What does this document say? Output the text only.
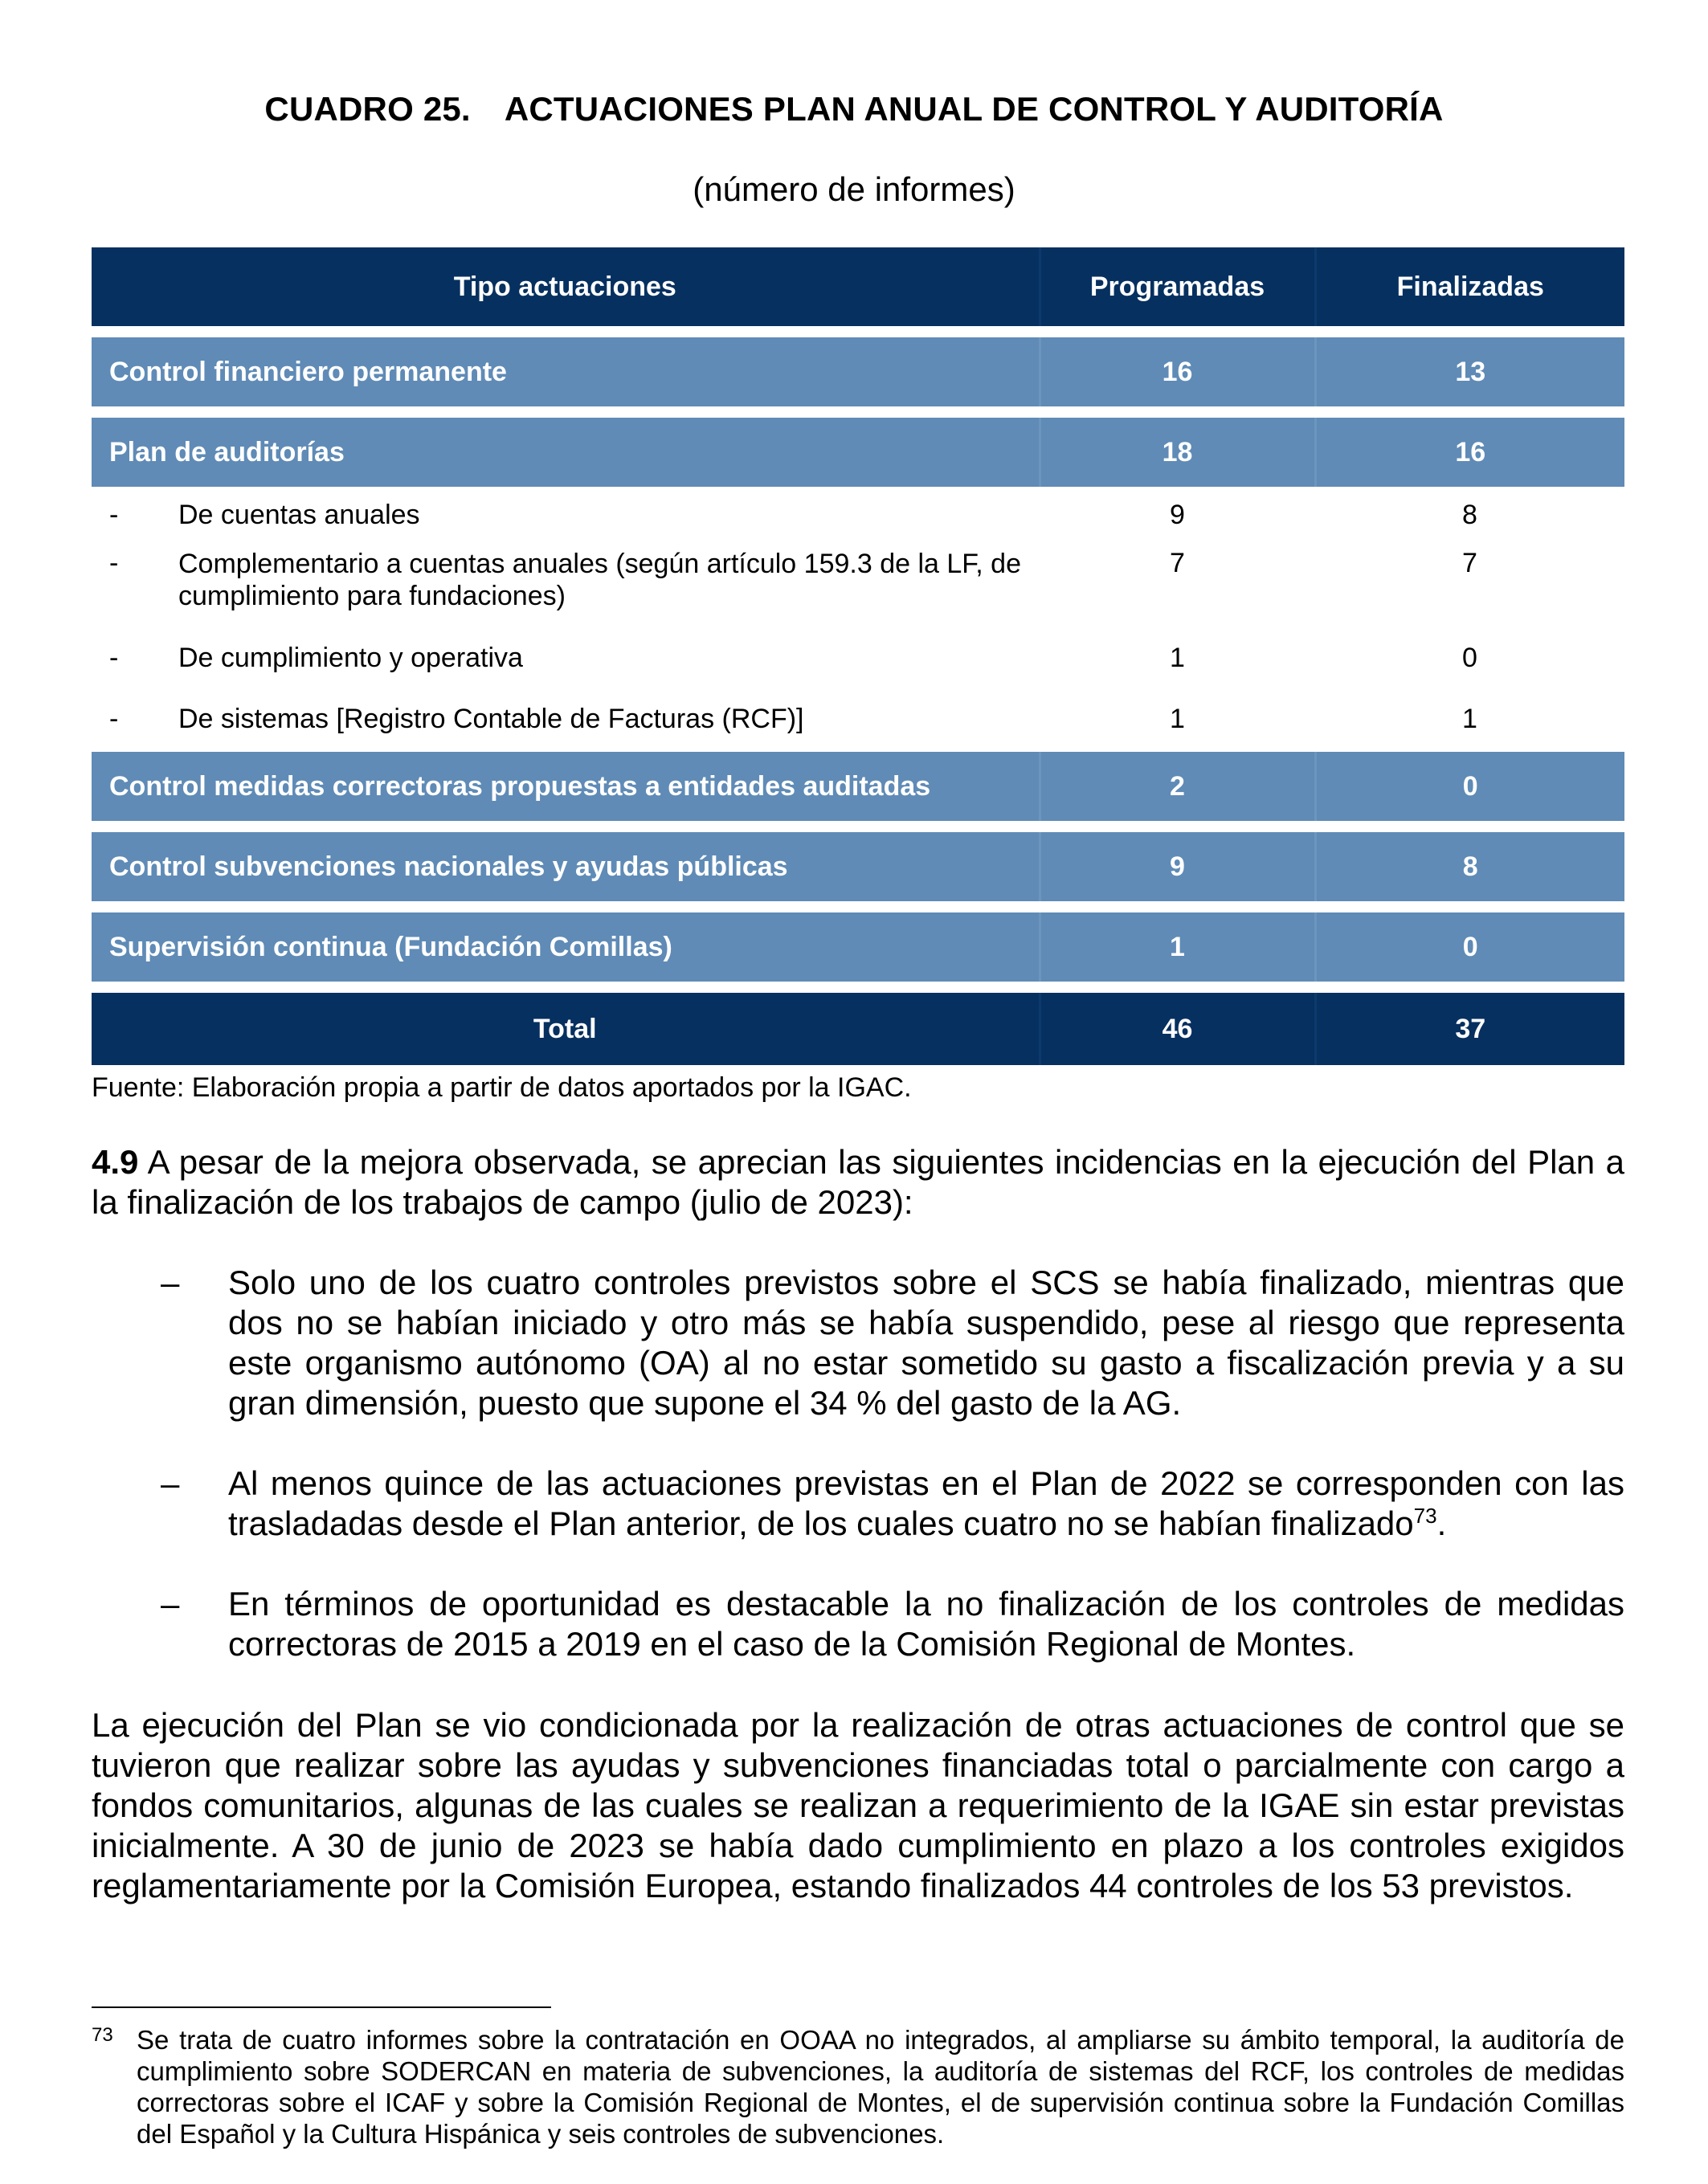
CUADRO 25. ACTUACIONES PLAN ANUAL DE CONTROL Y AUDITORÍA
(número de informes)
Tipo actuaciones	Programadas	Finalizadas

Control financiero permanente	16	13

Plan de auditorías	18	16
- De cuentas anuales	9	8
- Complementario a cuentas anuales (según artículo 159.3 de la LF, de cumplimiento para fundaciones)	7	7
- De cumplimiento y operativa	1	0
- De sistemas [Registro Contable de Facturas (RCF)]	1	1
Control medidas correctoras propuestas a entidades auditadas	2	0

Control subvenciones nacionales y ayudas públicas	9	8

Supervisión continua (Fundación Comillas)	1	0

Total	46	37
Fuente: Elaboración propia a partir de datos aportados por la IGAC.
4.9 A pesar de la mejora observada, se aprecian las siguientes incidencias en la ejecución del Plan a la finalización de los trabajos de campo (julio de 2023):
–	Solo uno de los cuatro controles previstos sobre el SCS se había finalizado, mientras que dos no se habían iniciado y otro más se había suspendido, pese al riesgo que representa este organismo autónomo (OA) al no estar sometido su gasto a fiscalización previa y a su gran dimensión, puesto que supone el 34 % del gasto de la AG.
–	Al menos quince de las actuaciones previstas en el Plan de 2022 se corresponden con las trasladadas desde el Plan anterior, de los cuales cuatro no se habían finalizado$^{73}$.
–	En términos de oportunidad es destacable la no finalización de los controles de medidas correctoras de 2015 a 2019 en el caso de la Comisión Regional de Montes.
La ejecución del Plan se vio condicionada por la realización de otras actuaciones de control que se tuvieron que realizar sobre las ayudas y subvenciones financiadas total o parcialmente con cargo a fondos comunitarios, algunas de las cuales se realizan a requerimiento de la IGAE sin estar previstas inicialmente. A 30 de junio de 2023 se había dado cumplimiento en plazo a los controles exigidos reglamentariamente por la Comisión Europea, estando finalizados 44 controles de los 53 previstos.
73 Se trata de cuatro informes sobre la contratación en OOAA no integrados, al ampliarse su ámbito temporal, la auditoría de cumplimiento sobre SODERCAN en materia de subvenciones, la auditoría de sistemas del RCF, los controles de medidas correctoras sobre el ICAF y sobre la Comisión Regional de Montes, el de supervisión continua sobre la Fundación Comillas del Español y la Cultura Hispánica y seis controles de subvenciones.
